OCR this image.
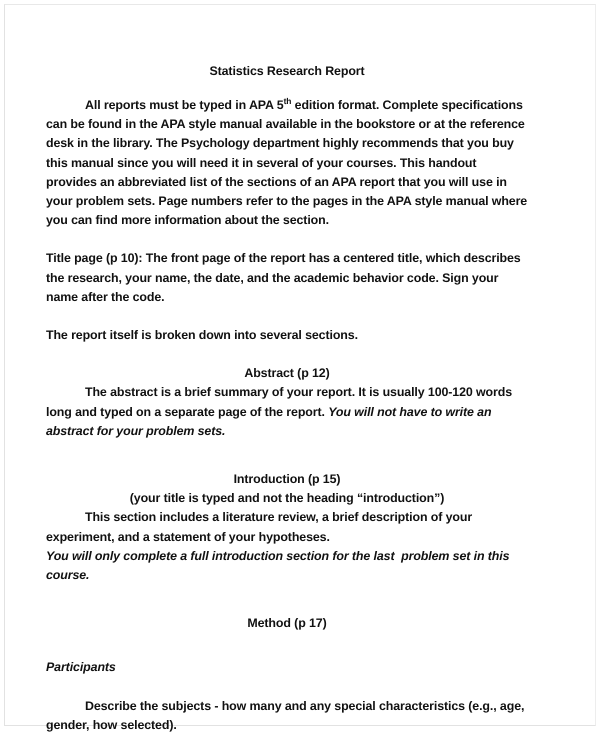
Statistics Research Report

All reports must be typed in APA 5th edition format. Complete specifications can be found in the APA style manual available in the bookstore or at the reference desk in the library. The Psychology department highly recommends that you buy this manual since you will need it in several of your courses. This handout provides an abbreviated list of the sections of an APA report that you will use in your problem sets. Page numbers refer to the pages in the APA style manual where you can find more information about the section.

Title page (p 10): The front page of the report has a centered title, which describes the research, your name, the date, and the academic behavior code. Sign your name after the code.

The report itself is broken down into several sections.

Abstract (p 12)

The abstract is a brief summary of your report. It is usually 100-120 words long and typed on a separate page of the report. You will not have to write an abstract for your problem sets.

Introduction (p 15)

(your title is typed and not the heading “introduction”)

This section includes a literature review, a brief description of your experiment, and a statement of your hypotheses.

You will only complete a full introduction section for the last  problem set in this course.

Method (p 17)

Participants

Describe the subjects - how many and any special characteristics (e.g., age, gender, how selected).
